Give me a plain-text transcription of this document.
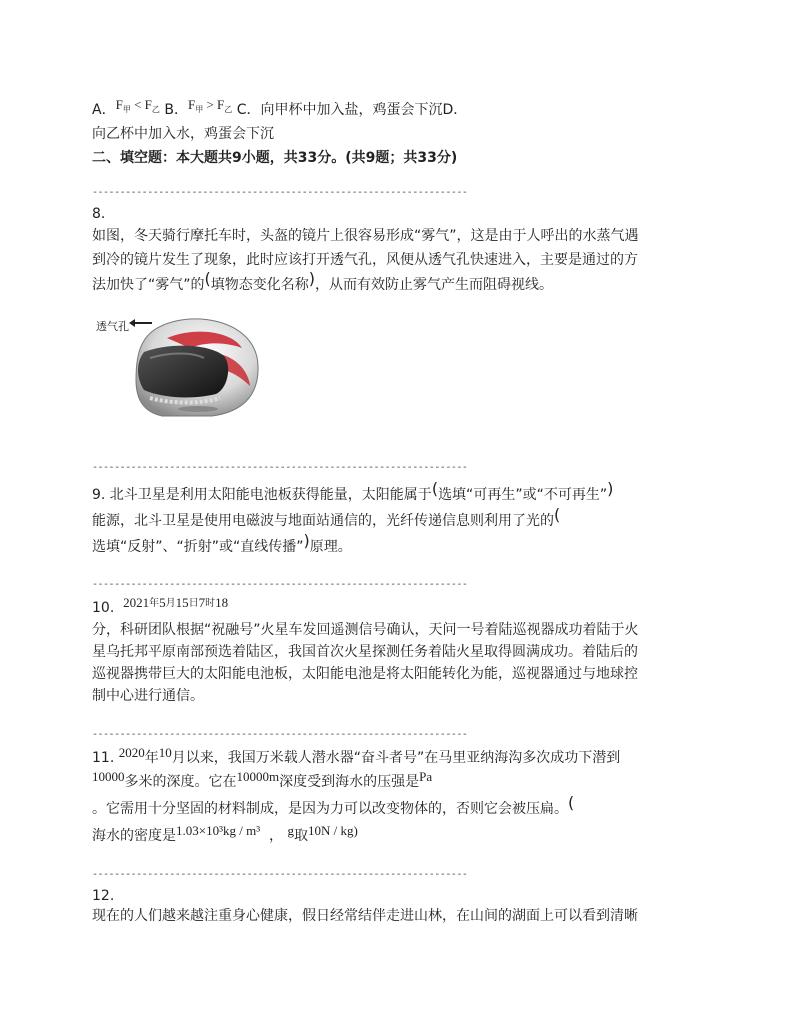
A．$F_甲 < F_乙$ B．$F_甲 > F_乙$ C．向甲杯中加入盐，鸡蛋会下沉D．
向乙杯中加入水，鸡蛋会下沉
二、填空题：本大题共9小题，共33分。(共9题；共33分)
--------------------------------------------------------------------
8.
如图，冬天骑行摩托车时，头盔的镜片上很容易形成“雾气”，这是由于人呼出的水蒸气遇
到冷的镜片发生了现象，此时应该打开透气孔，风便从透气孔快速进入，主要是通过的方
法加快了“雾气”的(填物态变化名称)，从而有效防止雾气产生而阻碍视线。
透气孔
--------------------------------------------------------------------
9. 北斗卫星是利用太阳能电池板获得能量，太阳能属于(选填“可再生”或“不可再生”)
能源，北斗卫星是使用电磁波与地面站通信的，光纤传递信息则利用了光的(
选填“反射”、“折射”或“直线传播”)原理。
--------------------------------------------------------------------
10. $2021^年5^月15^日7^时18$
分，科研团队根据“祝融号”火星车发回遥测信号确认，天问一号着陆巡视器成功着陆于火
星乌托邦平原南部预选着陆区，我国首次火星探测任务着陆火星取得圆满成功。着陆后的
巡视器携带巨大的太阳能电池板，太阳能电池是将太阳能转化为能，巡视器通过与地球控
制中心进行通信。
--------------------------------------------------------------------
11. 2020年10月以来，我国万米载人潜水器“奋斗者号”在马里亚纳海沟多次成功下潜到
10000多米的深度。它在10000m深度受到海水的压强是Pa
。它需用十分坚固的材料制成，是因为力可以改变物体的，否则它会被压扁。(
海水的密度是1.03×10³kg / m³ ， g取10N / kg)
--------------------------------------------------------------------
12.
现在的人们越来越注重身心健康，假日经常结伴走进山林，在山间的湖面上可以看到清晰
